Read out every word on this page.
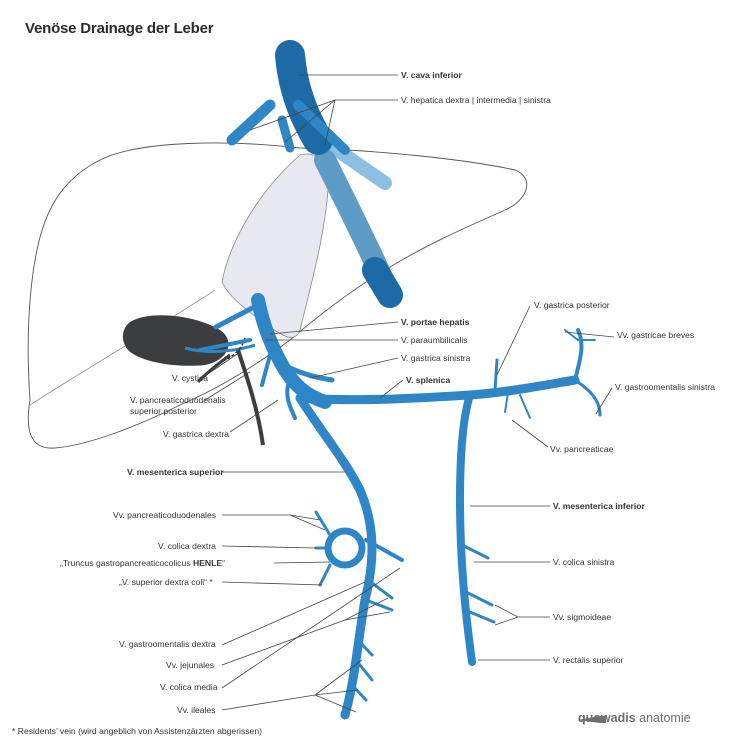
Venöse Drainage der Leber
V. cava inferior
V. hepatica dextra | intermedia | sinistra
V. portae hepatis
V. paraumbilicalis
V. gastrica sinistra
V. splenica
V. cystica
V. pancreaticoduodenalis
superior posterior
V. gastrica dextra
V. mesenterica superior
V. gastrica posterior
Vv. gastricae breves
V. gastroomentalis sinistra
Vv. pancreaticae
V. mesenterica inferior
Vv. pancreaticoduodenales
V. colica dextra
„Truncus gastropancreaticocolicus HENLE“
„V. superior dextra coli“ *
V. colica sinistra
Vv. sigmoideae
V. gastroomentalis dextra
Vv. jejunales	V. rectalis superior
V. colica media
Vv. ileales
* Residents’ vein (wird angeblich von Assistenzärzten abgerissen)
quowadis anatomie
